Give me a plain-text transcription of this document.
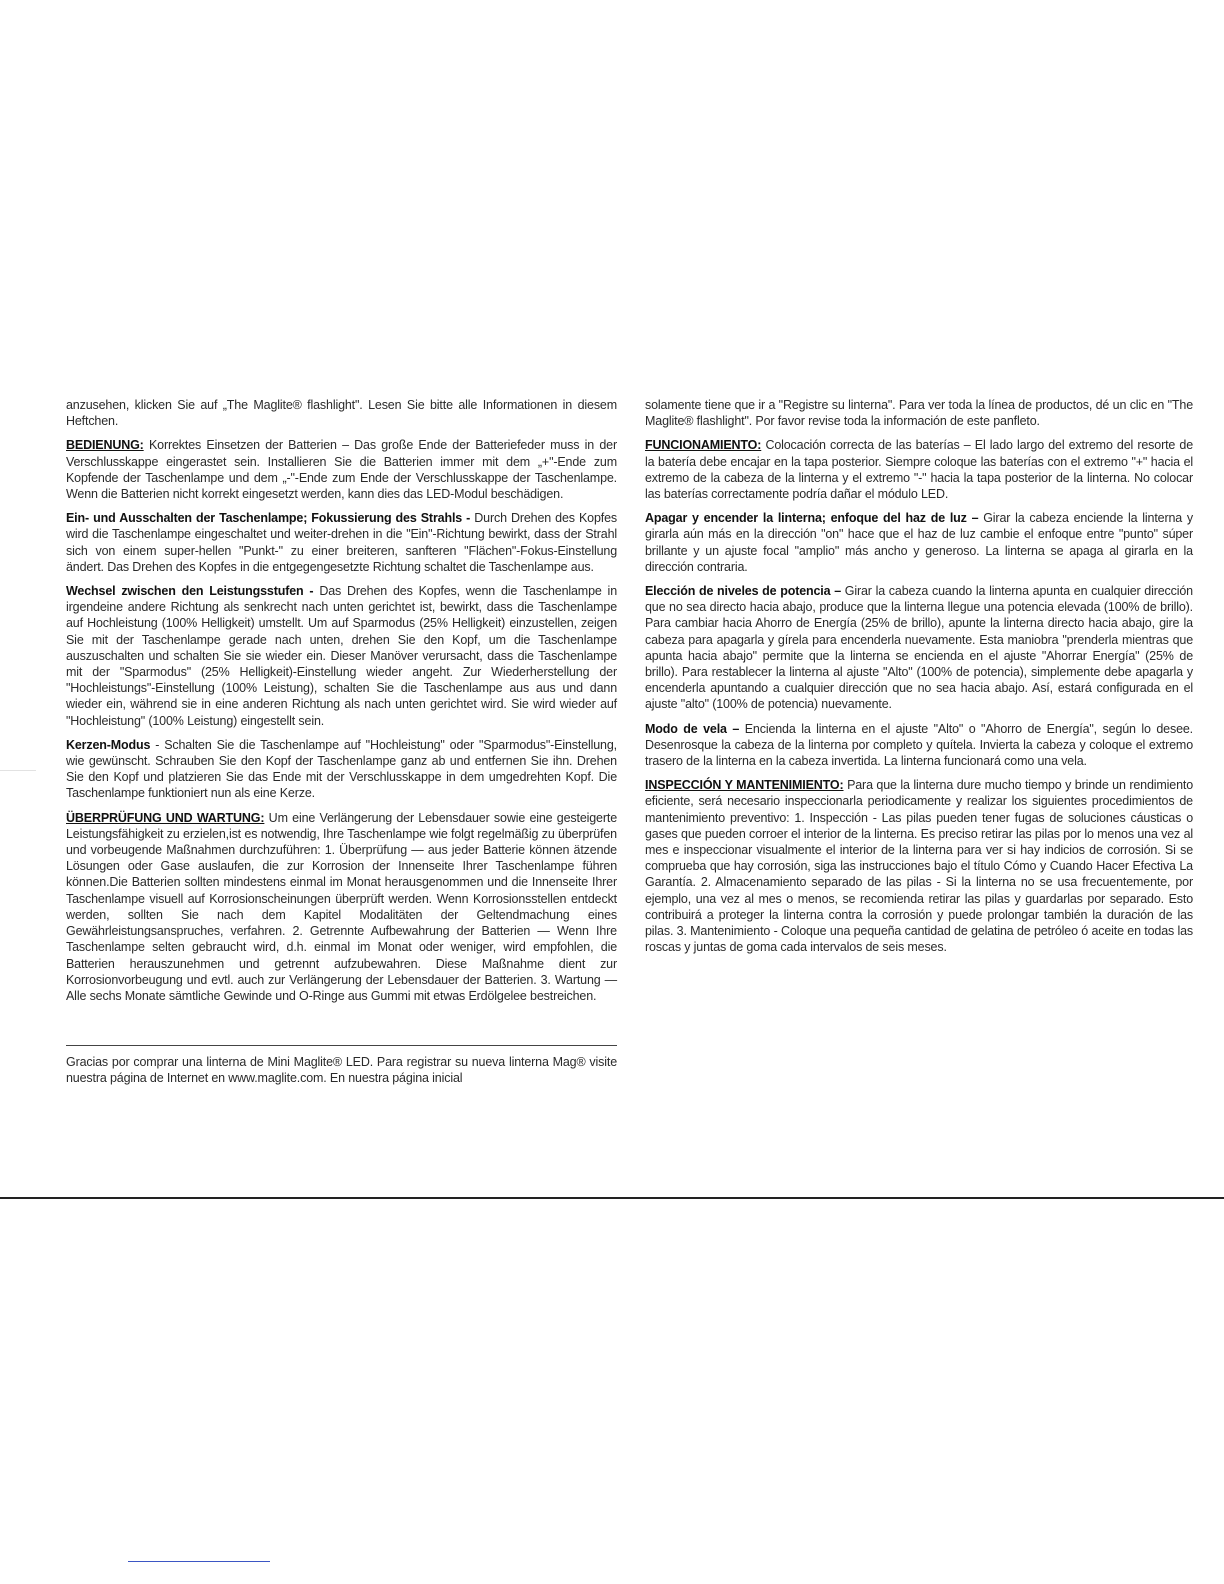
anzusehen, klicken Sie auf „The Maglite® flashlight". Lesen Sie bitte alle Informationen in diesem Heftchen.

BEDIENUNG: Korrektes Einsetzen der Batterien – Das große Ende der Batteriefeder muss in der Verschlusskappe eingerastet sein. Installieren Sie die Batterien immer mit dem „+"-Ende zum Kopfende der Taschenlampe und dem „-"-Ende zum Ende der Verschlusskappe der Taschenlampe. Wenn die Batterien nicht korrekt eingesetzt werden, kann dies das LED-Modul beschädigen.

Ein- und Ausschalten der Taschenlampe; Fokussierung des Strahls - Durch Drehen des Kopfes wird die Taschenlampe eingeschaltet und weiter-drehen in die "Ein"-Richtung bewirkt, dass der Strahl sich von einem super-hellen "Punkt-" zu einer breiteren, sanfteren "Flächen"-Fokus-Einstellung ändert. Das Drehen des Kopfes in die entgegengesetzte Richtung schaltet die Taschenlampe aus.

Wechsel zwischen den Leistungsstufen - Das Drehen des Kopfes, wenn die Taschenlampe in irgendeine andere Richtung als senkrecht nach unten gerichtet ist, bewirkt, dass die Taschenlampe auf Hochleistung (100% Helligkeit) umstellt. Um auf Sparmodus (25% Helligkeit) einzustellen, zeigen Sie mit der Taschenlampe gerade nach unten, drehen Sie den Kopf, um die Taschenlampe auszuschalten und schalten Sie sie wieder ein. Dieser Manöver verursacht, dass die Taschenlampe mit der "Sparmodus" (25% Helligkeit)-Einstellung wieder angeht. Zur Wiederherstellung der "Hochleistungs"-Einstellung (100% Leistung), schalten Sie die Taschenlampe aus aus und dann wieder ein, während sie in eine anderen Richtung als nach unten gerichtet wird. Sie wird wieder auf "Hochleistung" (100% Leistung) eingestellt sein.

Kerzen-Modus - Schalten Sie die Taschenlampe auf "Hochleistung" oder "Sparmodus"-Einstellung, wie gewünscht. Schrauben Sie den Kopf der Taschenlampe ganz ab und entfernen Sie ihn. Drehen Sie den Kopf und platzieren Sie das Ende mit der Verschlusskappe in dem umgedrehten Kopf. Die Taschenlampe funktioniert nun als eine Kerze.

ÜBERPRÜFUNG UND WARTUNG: Um eine Verlängerung der Lebensdauer sowie eine gesteigerte Leistungsfähigkeit zu erzielen,ist es notwendig, Ihre Taschenlampe wie folgt regelmäßig zu überprüfen und vorbeugende Maßnahmen durchzuführen: 1. Überprüfung — aus jeder Batterie können ätzende Lösungen oder Gase auslaufen, die zur Korrosion der Innenseite Ihrer Taschenlampe führen können.Die Batterien sollten mindestens einmal im Monat herausgenommen und die Innenseite Ihrer Taschenlampe visuell auf Korrosionscheinungen überprüft werden. Wenn Korrosionsstellen entdeckt werden, sollten Sie nach dem Kapitel Modalitäten der Geltendmachung eines Gewährleistungsanspruches, verfahren. 2. Getrennte Aufbewahrung der Batterien — Wenn Ihre Taschenlampe selten gebraucht wird, d.h. einmal im Monat oder weniger, wird empfohlen, die Batterien herauszunehmen und getrennt aufzubewahren. Diese Maßnahme dient zur Korrosionvorbeugung und evtl. auch zur Verlängerung der Lebensdauer der Batterien. 3. Wartung — Alle sechs Monate sämtliche Gewinde und O-Ringe aus Gummi mit etwas Erdölgelee bestreichen.

Gracias por comprar una linterna de Mini Maglite® LED. Para registrar su nueva linterna Mag® visite nuestra página de Internet en www.maglite.com. En nuestra página inicial

solamente tiene que ir a "Registre su linterna". Para ver toda la línea de productos, dé un clic en "The Maglite® flashlight". Por favor revise toda la información de este panfleto.

FUNCIONAMIENTO: Colocación correcta de las baterías – El lado largo del extremo del resorte de la batería debe encajar en la tapa posterior. Siempre coloque las baterías con el extremo "+" hacia el extremo de la cabeza de la linterna y el extremo "-" hacia la tapa posterior de la linterna. No colocar las baterías correctamente podría dañar el módulo LED.

Apagar y encender la linterna; enfoque del haz de luz – Girar la cabeza enciende la linterna y girarla aún más en la dirección "on" hace que el haz de luz cambie el enfoque entre "punto" súper brillante y un ajuste focal "amplio" más ancho y generoso. La linterna se apaga al girarla en la dirección contraria.

Elección de niveles de potencia – Girar la cabeza cuando la linterna apunta en cualquier dirección que no sea directo hacia abajo, produce que la linterna llegue una potencia elevada (100% de brillo). Para cambiar hacia Ahorro de Energía (25% de brillo), apunte la linterna directo hacia abajo, gire la cabeza para apagarla y gírela para encenderla nuevamente. Esta maniobra "prenderla mientras que apunta hacia abajo" permite que la linterna se encienda en el ajuste "Ahorrar Energía" (25% de brillo). Para restablecer la linterna al ajuste "Alto" (100% de potencia), simplemente debe apagarla y encenderla apuntando a cualquier dirección que no sea hacia abajo. Así, estará configurada en el ajuste "alto" (100% de potencia) nuevamente.

Modo de vela – Encienda la linterna en el ajuste "Alto" o "Ahorro de Energía", según lo desee. Desenrosque la cabeza de la linterna por completo y quítela. Invierta la cabeza y coloque el extremo trasero de la linterna en la cabeza invertida. La linterna funcionará como una vela.

INSPECCIÓN Y MANTENIMIENTO: Para que la linterna dure mucho tiempo y brinde un rendimiento eficiente, será necesario inspeccionarla periodicamente y realizar los siguientes procedimientos de mantenimiento preventivo: 1. Inspección - Las pilas pueden tener fugas de soluciones cáusticas o gases que pueden corroer el interior de la linterna. Es preciso retirar las pilas por lo menos una vez al mes e inspeccionar visualmente el interior de la linterna para ver si hay indicios de corrosión. Si se comprueba que hay corrosión, siga las instrucciones bajo el título Cómo y Cuando Hacer Efectiva La Garantía. 2. Almacenamiento separado de las pilas - Si la linterna no se usa frecuentemente, por ejemplo, una vez al mes o menos, se recomienda retirar las pilas y guardarlas por separado. Esto contribuirá a proteger la linterna contra la corrosión y puede prolongar también la duración de las pilas. 3. Mantenimiento - Coloque una pequeña cantidad de gelatina de petróleo ó aceite en todas las roscas y juntas de goma cada intervalos de seis meses.
